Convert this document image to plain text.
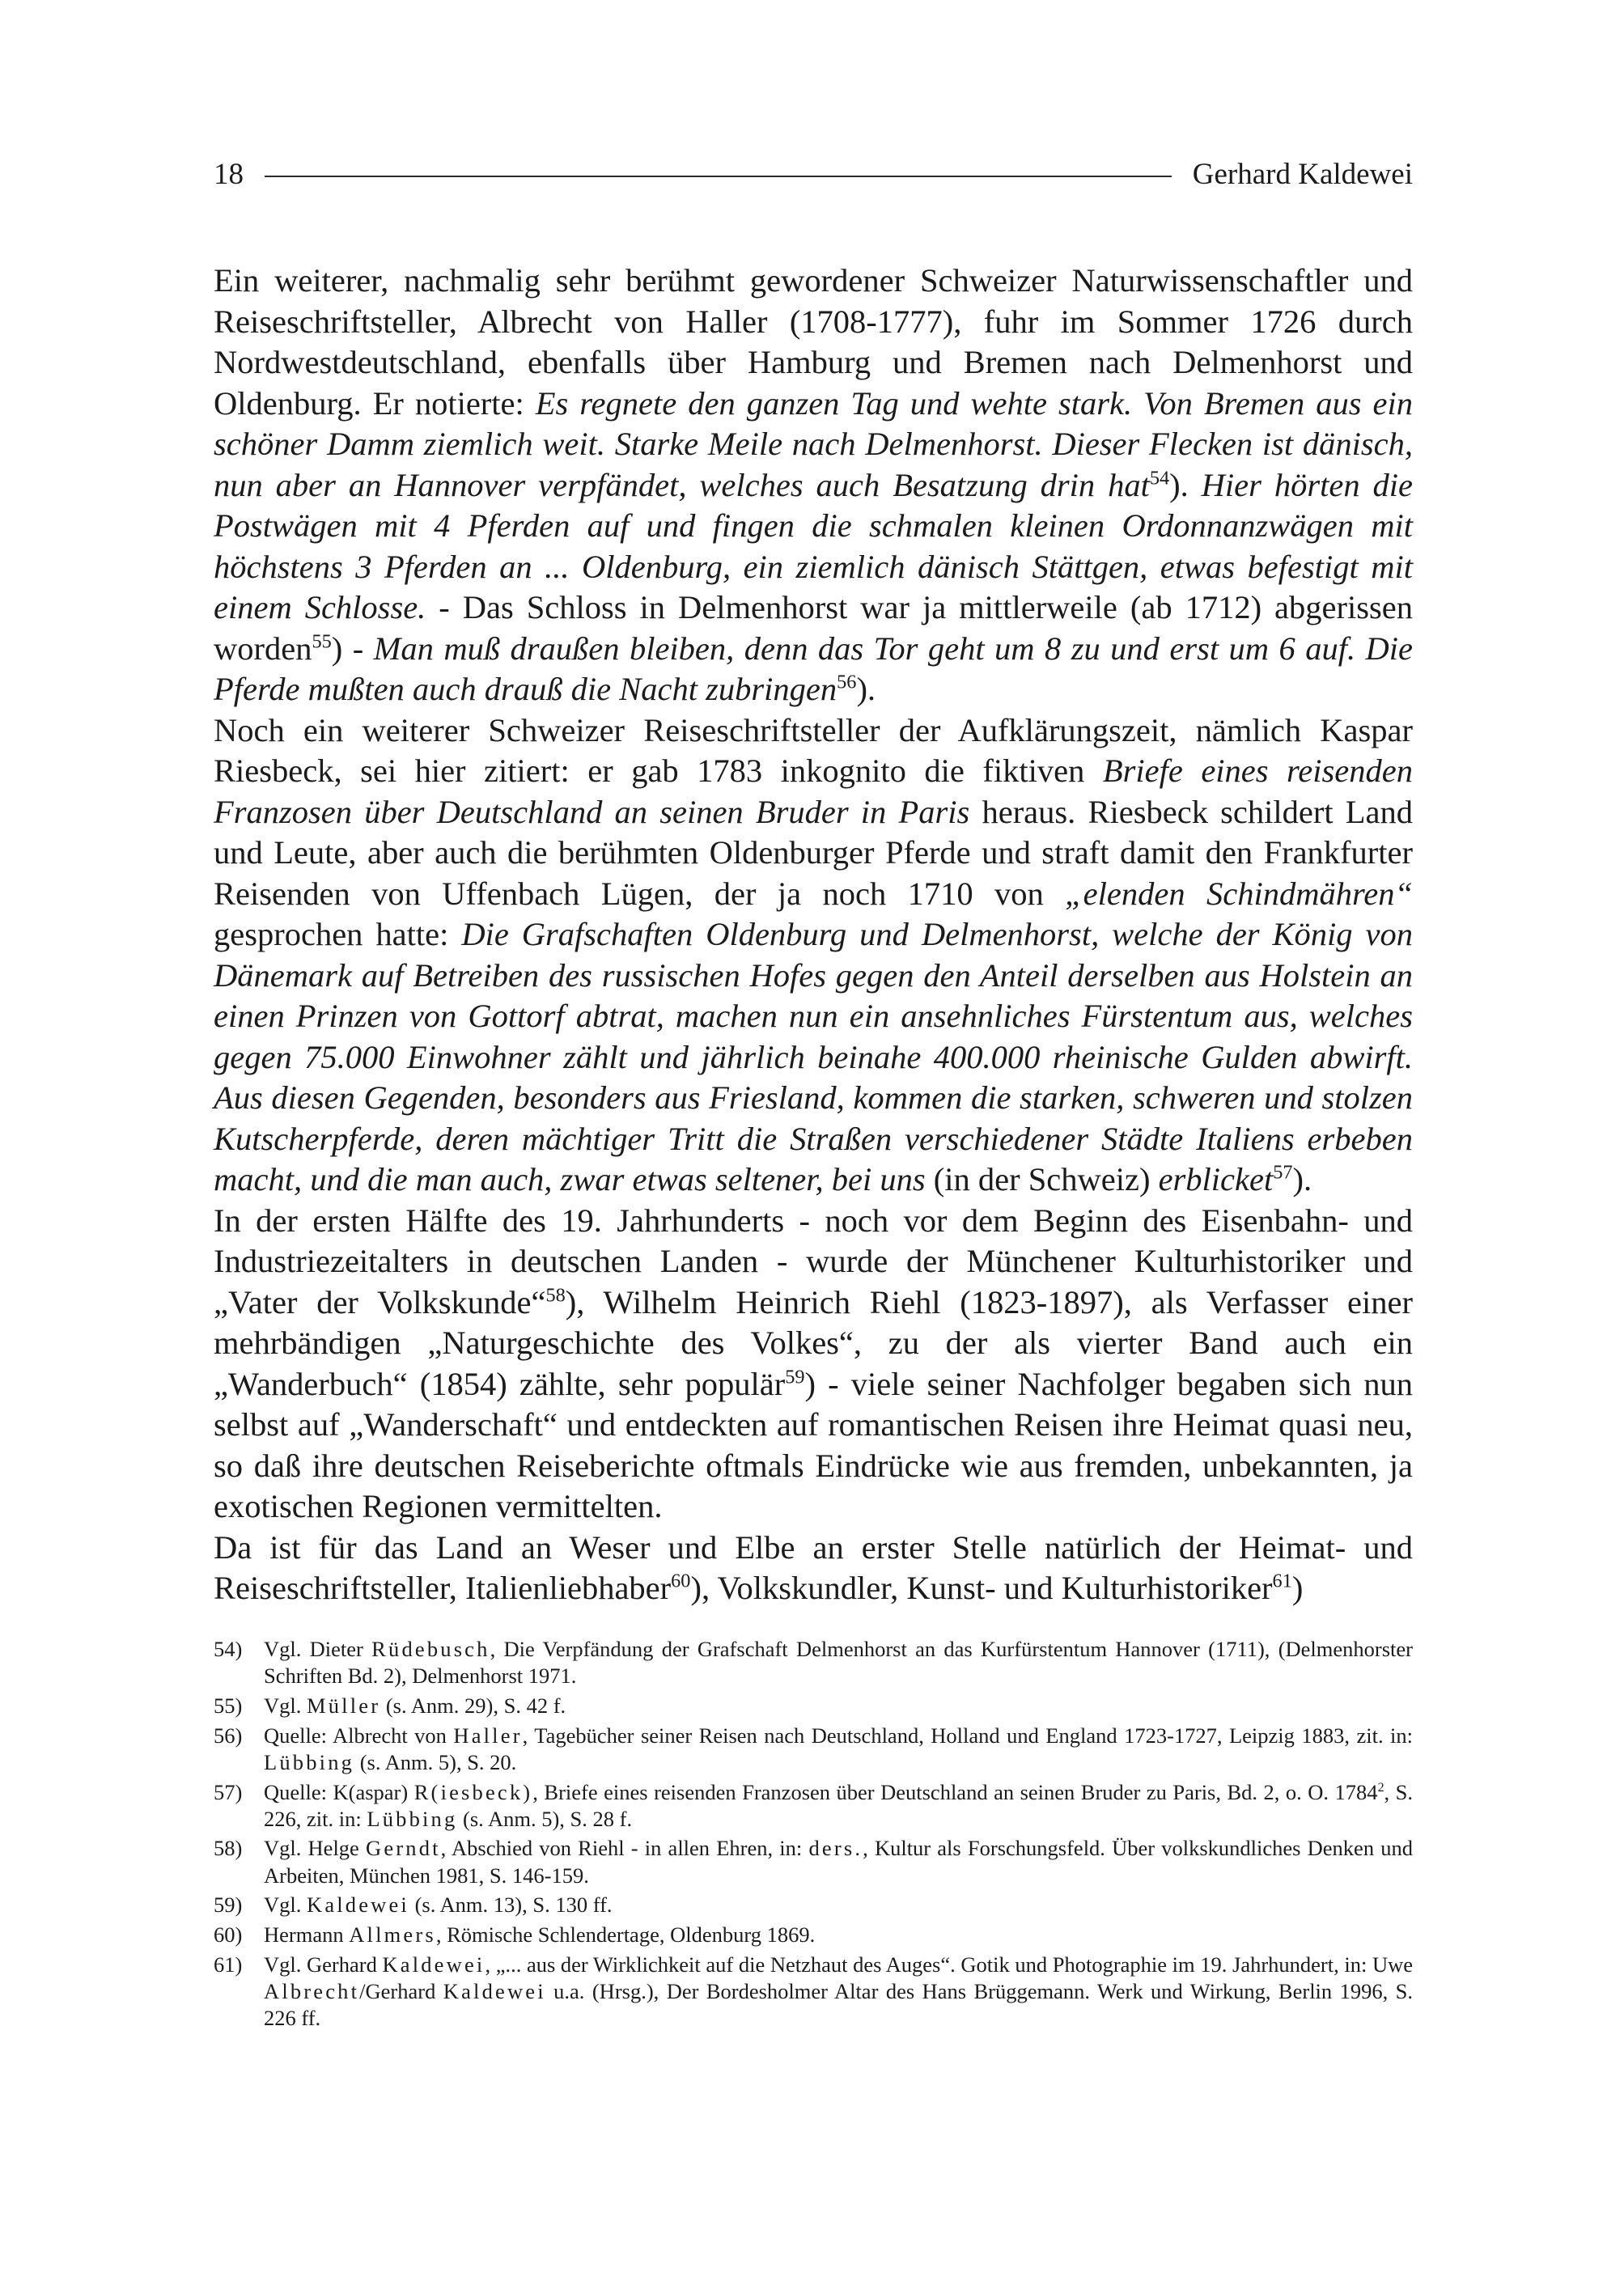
18	Gerhard Kaldewei

Ein weiterer, nachmalig sehr berühmt gewordener Schweizer Naturwissenschaftler und Reiseschriftsteller, Albrecht von Haller (1708-1777), fuhr im Sommer 1726 durch Nordwestdeutschland, ebenfalls über Hamburg und Bremen nach Delmenhorst und Oldenburg. Er notierte: Es regnete den ganzen Tag und wehte stark. Von Bremen aus ein schöner Damm ziemlich weit. Starke Meile nach Delmenhorst. Dieser Flecken ist dänisch, nun aber an Hannover verpfändet, welches auch Besatzung drin hat$^{54}$). Hier hörten die Postwägen mit 4 Pferden auf und fingen die schmalen kleinen Ordonnanzwägen mit höchstens 3 Pferden an ... Oldenburg, ein ziemlich dänisch Stättgen, etwas befestigt mit einem Schlosse. - Das Schloss in Delmenhorst war ja mittlerweile (ab 1712) abgerissen worden$^{55}$) - Man muß draußen bleiben, denn das Tor geht um 8 zu und erst um 6 auf. Die Pferde mußten auch drauß die Nacht zubringen$^{56}$).

Noch ein weiterer Schweizer Reiseschriftsteller der Aufklärungszeit, nämlich Kaspar Riesbeck, sei hier zitiert: er gab 1783 inkognito die fiktiven Briefe eines reisenden Franzosen über Deutschland an seinen Bruder in Paris heraus. Riesbeck schildert Land und Leute, aber auch die berühmten Oldenburger Pferde und straft damit den Frankfurter Reisenden von Uffenbach Lügen, der ja noch 1710 von „elenden Schindmähren“ gesprochen hatte: Die Grafschaften Oldenburg und Delmenhorst, welche der König von Dänemark auf Betreiben des russischen Hofes gegen den Anteil derselben aus Holstein an einen Prinzen von Gottorf abtrat, machen nun ein ansehnliches Fürstentum aus, welches gegen 75.000 Einwohner zählt und jährlich beinahe 400.000 rheinische Gulden abwirft. Aus diesen Gegenden, besonders aus Friesland, kommen die starken, schweren und stolzen Kutscherpferde, deren mächtiger Tritt die Straßen verschiedener Städte Italiens erbeben macht, und die man auch, zwar etwas seltener, bei uns (in der Schweiz) erblicket$^{57}$).

In der ersten Hälfte des 19. Jahrhunderts - noch vor dem Beginn des Eisenbahn- und Industriezeitalters in deutschen Landen - wurde der Münchener Kulturhistoriker und „Vater der Volkskunde“$^{58}$), Wilhelm Heinrich Riehl (1823-1897), als Verfasser einer mehrbändigen „Naturgeschichte des Volkes“, zu der als vierter Band auch ein „Wanderbuch“ (1854) zählte, sehr populär$^{59}$) - viele seiner Nachfolger begaben sich nun selbst auf „Wanderschaft“ und entdeckten auf romantischen Reisen ihre Heimat quasi neu, so daß ihre deutschen Reiseberichte oftmals Eindrücke wie aus fremden, unbekannten, ja exotischen Regionen vermittelten.

Da ist für das Land an Weser und Elbe an erster Stelle natürlich der Heimat- und Reiseschriftsteller, Italienliebhaber$^{60}$), Volkskundler, Kunst- und Kulturhistoriker$^{61}$)

54)	Vgl. Dieter Rüdebusch, Die Verpfändung der Grafschaft Delmenhorst an das Kurfürstentum Hannover (1711), (Delmenhorster Schriften Bd. 2), Delmenhorst 1971.
55)	Vgl. Müller (s. Anm. 29), S. 42 f.
56)	Quelle: Albrecht von Haller, Tagebücher seiner Reisen nach Deutschland, Holland und England 1723-1727, Leipzig 1883, zit. in: Lübbing (s. Anm. 5), S. 20.
57)	Quelle: K(aspar) R(iesbeck), Briefe eines reisenden Franzosen über Deutschland an seinen Bruder zu Paris, Bd. 2, o. O. 1784$^2$, S. 226, zit. in: Lübbing (s. Anm. 5), S. 28 f.
58)	Vgl. Helge Gerndt, Abschied von Riehl - in allen Ehren, in: ders., Kultur als Forschungsfeld. Über volkskundliches Denken und Arbeiten, München 1981, S. 146-159.
59)	Vgl. Kaldewei (s. Anm. 13), S. 130 ff.
60)	Hermann Allmers, Römische Schlendertage, Oldenburg 1869.
61)	Vgl. Gerhard Kaldewei, „... aus der Wirklichkeit auf die Netzhaut des Auges“. Gotik und Photographie im 19. Jahrhundert, in: Uwe Albrecht/Gerhard Kaldewei u.a. (Hrsg.), Der Bordesholmer Altar des Hans Brüggemann. Werk und Wirkung, Berlin 1996, S. 226 ff.
